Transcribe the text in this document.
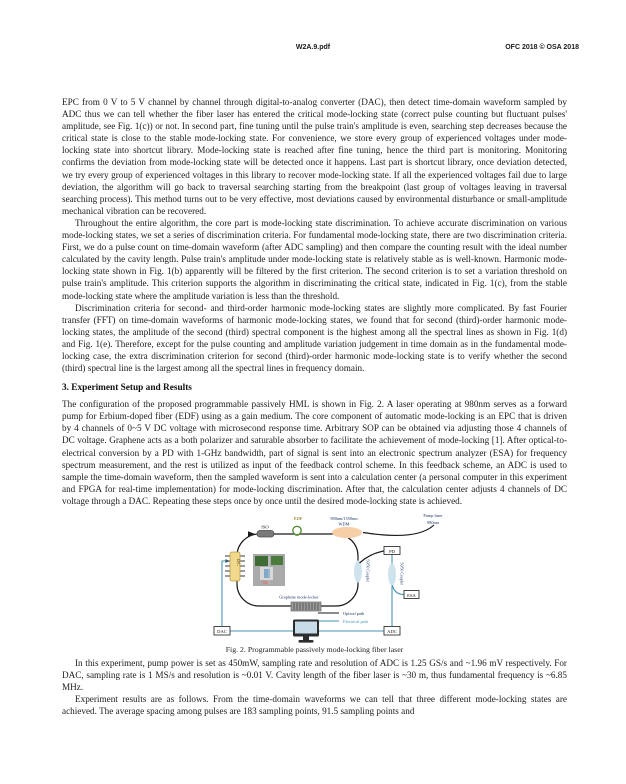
W2A.9.pdf	OFC 2018 © OSA 2018

EPC from 0 V to 5 V channel by channel through digital-to-analog converter (DAC), then detect time-domain waveform sampled by ADC thus we can tell whether the fiber laser has entered the critical mode-locking state (correct pulse counting but fluctuant pulses' amplitude, see Fig. 1(c)) or not. In second part, fine tuning until the pulse train's amplitude is even, searching step decreases because the critical state is close to the stable mode-locking state. For convenience, we store every group of experienced voltages under mode-locking state into shortcut library. Mode-locking state is reached after fine tuning, hence the third part is monitoring. Monitoring confirms the deviation from mode-locking state will be detected once it happens. Last part is shortcut library, once deviation detected, we try every group of experienced voltages in this library to recover mode-locking state. If all the experienced voltages fail due to large deviation, the algorithm will go back to traversal searching starting from the breakpoint (last group of voltages leaving in traversal searching process). This method turns out to be very effective, most deviations caused by environmental disturbance or small-amplitude mechanical vibration can be recovered.

Throughout the entire algorithm, the core part is mode-locking state discrimination. To achieve accurate discrimination on various mode-locking states, we set a series of discrimination criteria. For fundamental mode-locking state, there are two discrimination criteria. First, we do a pulse count on time-domain waveform (after ADC sampling) and then compare the counting result with the ideal number calculated by the cavity length. Pulse train's amplitude under mode-locking state is relatively stable as is well-known. Harmonic mode-locking state shown in Fig. 1(b) apparently will be filtered by the first criterion. The second criterion is to set a variation threshold on pulse train's amplitude. This criterion supports the algorithm in discriminating the critical state, indicated in Fig. 1(c), from the stable mode-locking state where the amplitude variation is less than the threshold.

Discrimination criteria for second- and third-order harmonic mode-locking states are slightly more complicated. By fast Fourier transfer (FFT) on time-domain waveforms of harmonic mode-locking states, we found that for second (third)-order harmonic mode-locking states, the amplitude of the second (third) spectral component is the highest among all the spectral lines as shown in Fig. 1(d) and Fig. 1(e). Therefore, except for the pulse counting and amplitude variation judgement in time domain as in the fundamental mode-locking case, the extra discrimination criterion for second (third)-order harmonic mode-locking state is to verify whether the second (third) spectral line is the largest among all the spectral lines in frequency domain.

3. Experiment Setup and Results

The configuration of the proposed programmable passively HML is shown in Fig. 2. A laser operating at 980nm serves as a forward pump for Erbium-doped fiber (EDF) using as a gain medium. The core component of automatic mode-locking is an EPC that is driven by 4 channels of 0~5 V DC voltage with microsecond response time. Arbitrary SOP can be obtained via adjusting those 4 channels of DC voltage. Graphene acts as a both polarizer and saturable absorber to facilitate the achievement of mode-locking [1]. After optical-to-electrical conversion by a PD with 1-GHz bandwidth, part of signal is sent into an electronic spectrum analyzer (ESA) for frequency spectrum measurement, and the rest is utilized as input of the feedback control scheme. In this feedback scheme, an ADC is used to sample the time-domain waveform, then the sampled waveform is sent into a calculation center (a personal computer in this experiment and FPGA for real-time implementation) for mode-locking discrimination. After that, the calculation center adjusts 4 channels of DC voltage through a DAC. Repeating these steps once by once until the desired mode-locking state is achieved.

ISO
EDF	980nm/1550nm
WDM
Pump laser
980nm
50/50 Coupler	50/50 Coupler
PD
ESA
DAC	ADC
EPC
Graphene mode-locker
Optical path
Electrical path

Fig. 2. Programmable passively mode-locking fiber laser

In this experiment, pump power is set as 450mW, sampling rate and resolution of ADC is 1.25 GS/s and ~1.96 mV respectively. For DAC, sampling rate is 1 MS/s and resolution is ~0.01 V. Cavity length of the fiber laser is ~30 m, thus fundamental frequency is ~6.85 MHz.

Experiment results are as follows. From the time-domain waveforms we can tell that three different mode-locking states are achieved. The average spacing among pulses are 183 sampling points, 91.5 sampling points and
